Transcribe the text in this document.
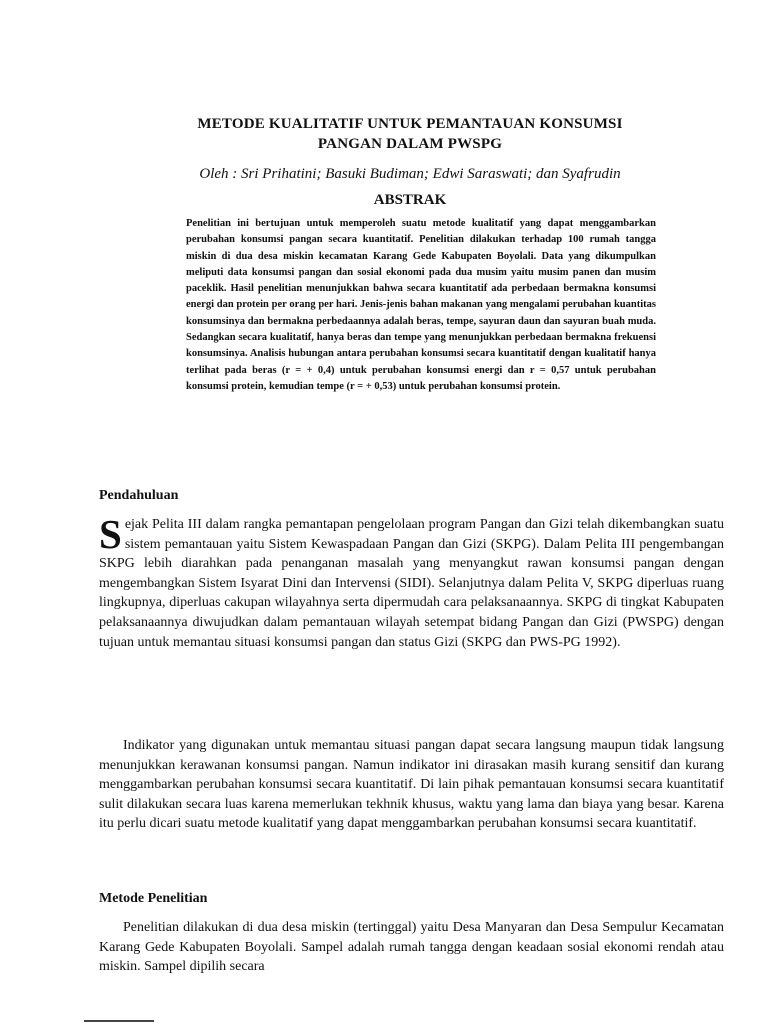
METODE KUALITATIF UNTUK PEMANTAUAN KONSUMSI
PANGAN DALAM PWSPG
Oleh : Sri Prihatini; Basuki Budiman; Edwi Saraswati; dan Syafrudin
ABSTRAK
Penelitian ini bertujuan untuk memperoleh suatu metode kualitatif yang dapat menggambarkan perubahan konsumsi pangan secara kuantitatif. Penelitian dilakukan terhadap 100 rumah tangga miskin di dua desa miskin kecamatan Karang Gede Kabupaten Boyolali. Data yang dikumpulkan meliputi data konsumsi pangan dan sosial ekonomi pada dua musim yaitu musim panen dan musim paceklik. Hasil penelitian menunjukkan bahwa secara kuantitatif ada perbedaan bermakna konsumsi energi dan protein per orang per hari. Jenis-jenis bahan makanan yang mengalami perubahan kuantitas konsumsinya dan bermakna perbedaannya adalah beras, tempe, sayuran daun dan sayuran buah muda. Sedangkan secara kualitatif, hanya beras dan tempe yang menunjukkan perbedaan bermakna frekuensi konsumsinya. Analisis hubungan antara perubahan konsumsi secara kuantitatif dengan kualitatif hanya terlihat pada beras (r = + 0,4) untuk perubahan konsumsi energi dan r = 0,57 untuk perubahan konsumsi protein, kemudian tempe (r = + 0,53) untuk perubahan konsumsi protein.
Pendahuluan
Sejak Pelita III dalam rangka pemantapan pengelolaan program Pangan dan Gizi telah dikembangkan suatu sistem pemantauan yaitu Sistem Kewaspadaan Pangan dan Gizi (SKPG). Dalam Pelita III pengembangan SKPG lebih diarahkan pada penanganan masalah yang menyangkut rawan konsumsi pangan dengan mengembangkan Sistem Isyarat Dini dan Intervensi (SIDI). Selanjutnya dalam Pelita V, SKPG diperluas ruang lingkupnya, diperluas cakupan wilayahnya serta dipermudah cara pelaksanaannya. SKPG di tingkat Kabupaten pelaksanaannya diwujudkan dalam pemantauan wilayah setempat bidang Pangan dan Gizi (PWSPG) dengan tujuan untuk memantau situasi konsumsi pangan dan status Gizi (SKPG dan PWS-PG 1992).
Indikator yang digunakan untuk memantau situasi pangan dapat secara langsung maupun tidak langsung menunjukkan kerawanan konsumsi pangan. Namun indikator ini dirasakan masih kurang sensitif dan kurang menggambarkan perubahan konsumsi secara kuantitatif. Di lain pihak pemantauan konsumsi secara kuantitatif sulit dilakukan secara luas karena memerlukan tekhnik khusus, waktu yang lama dan biaya yang besar. Karena itu perlu dicari suatu metode kualitatif yang dapat menggambarkan perubahan konsumsi secara kuantitatif.
Metode Penelitian
Penelitian dilakukan di dua desa miskin (tertinggal) yaitu Desa Manyaran dan Desa Sempulur Kecamatan Karang Gede Kabupaten Boyolali. Sampel adalah rumah tangga dengan keadaan sosial ekonomi rendah atau miskin. Sampel dipilih secara
